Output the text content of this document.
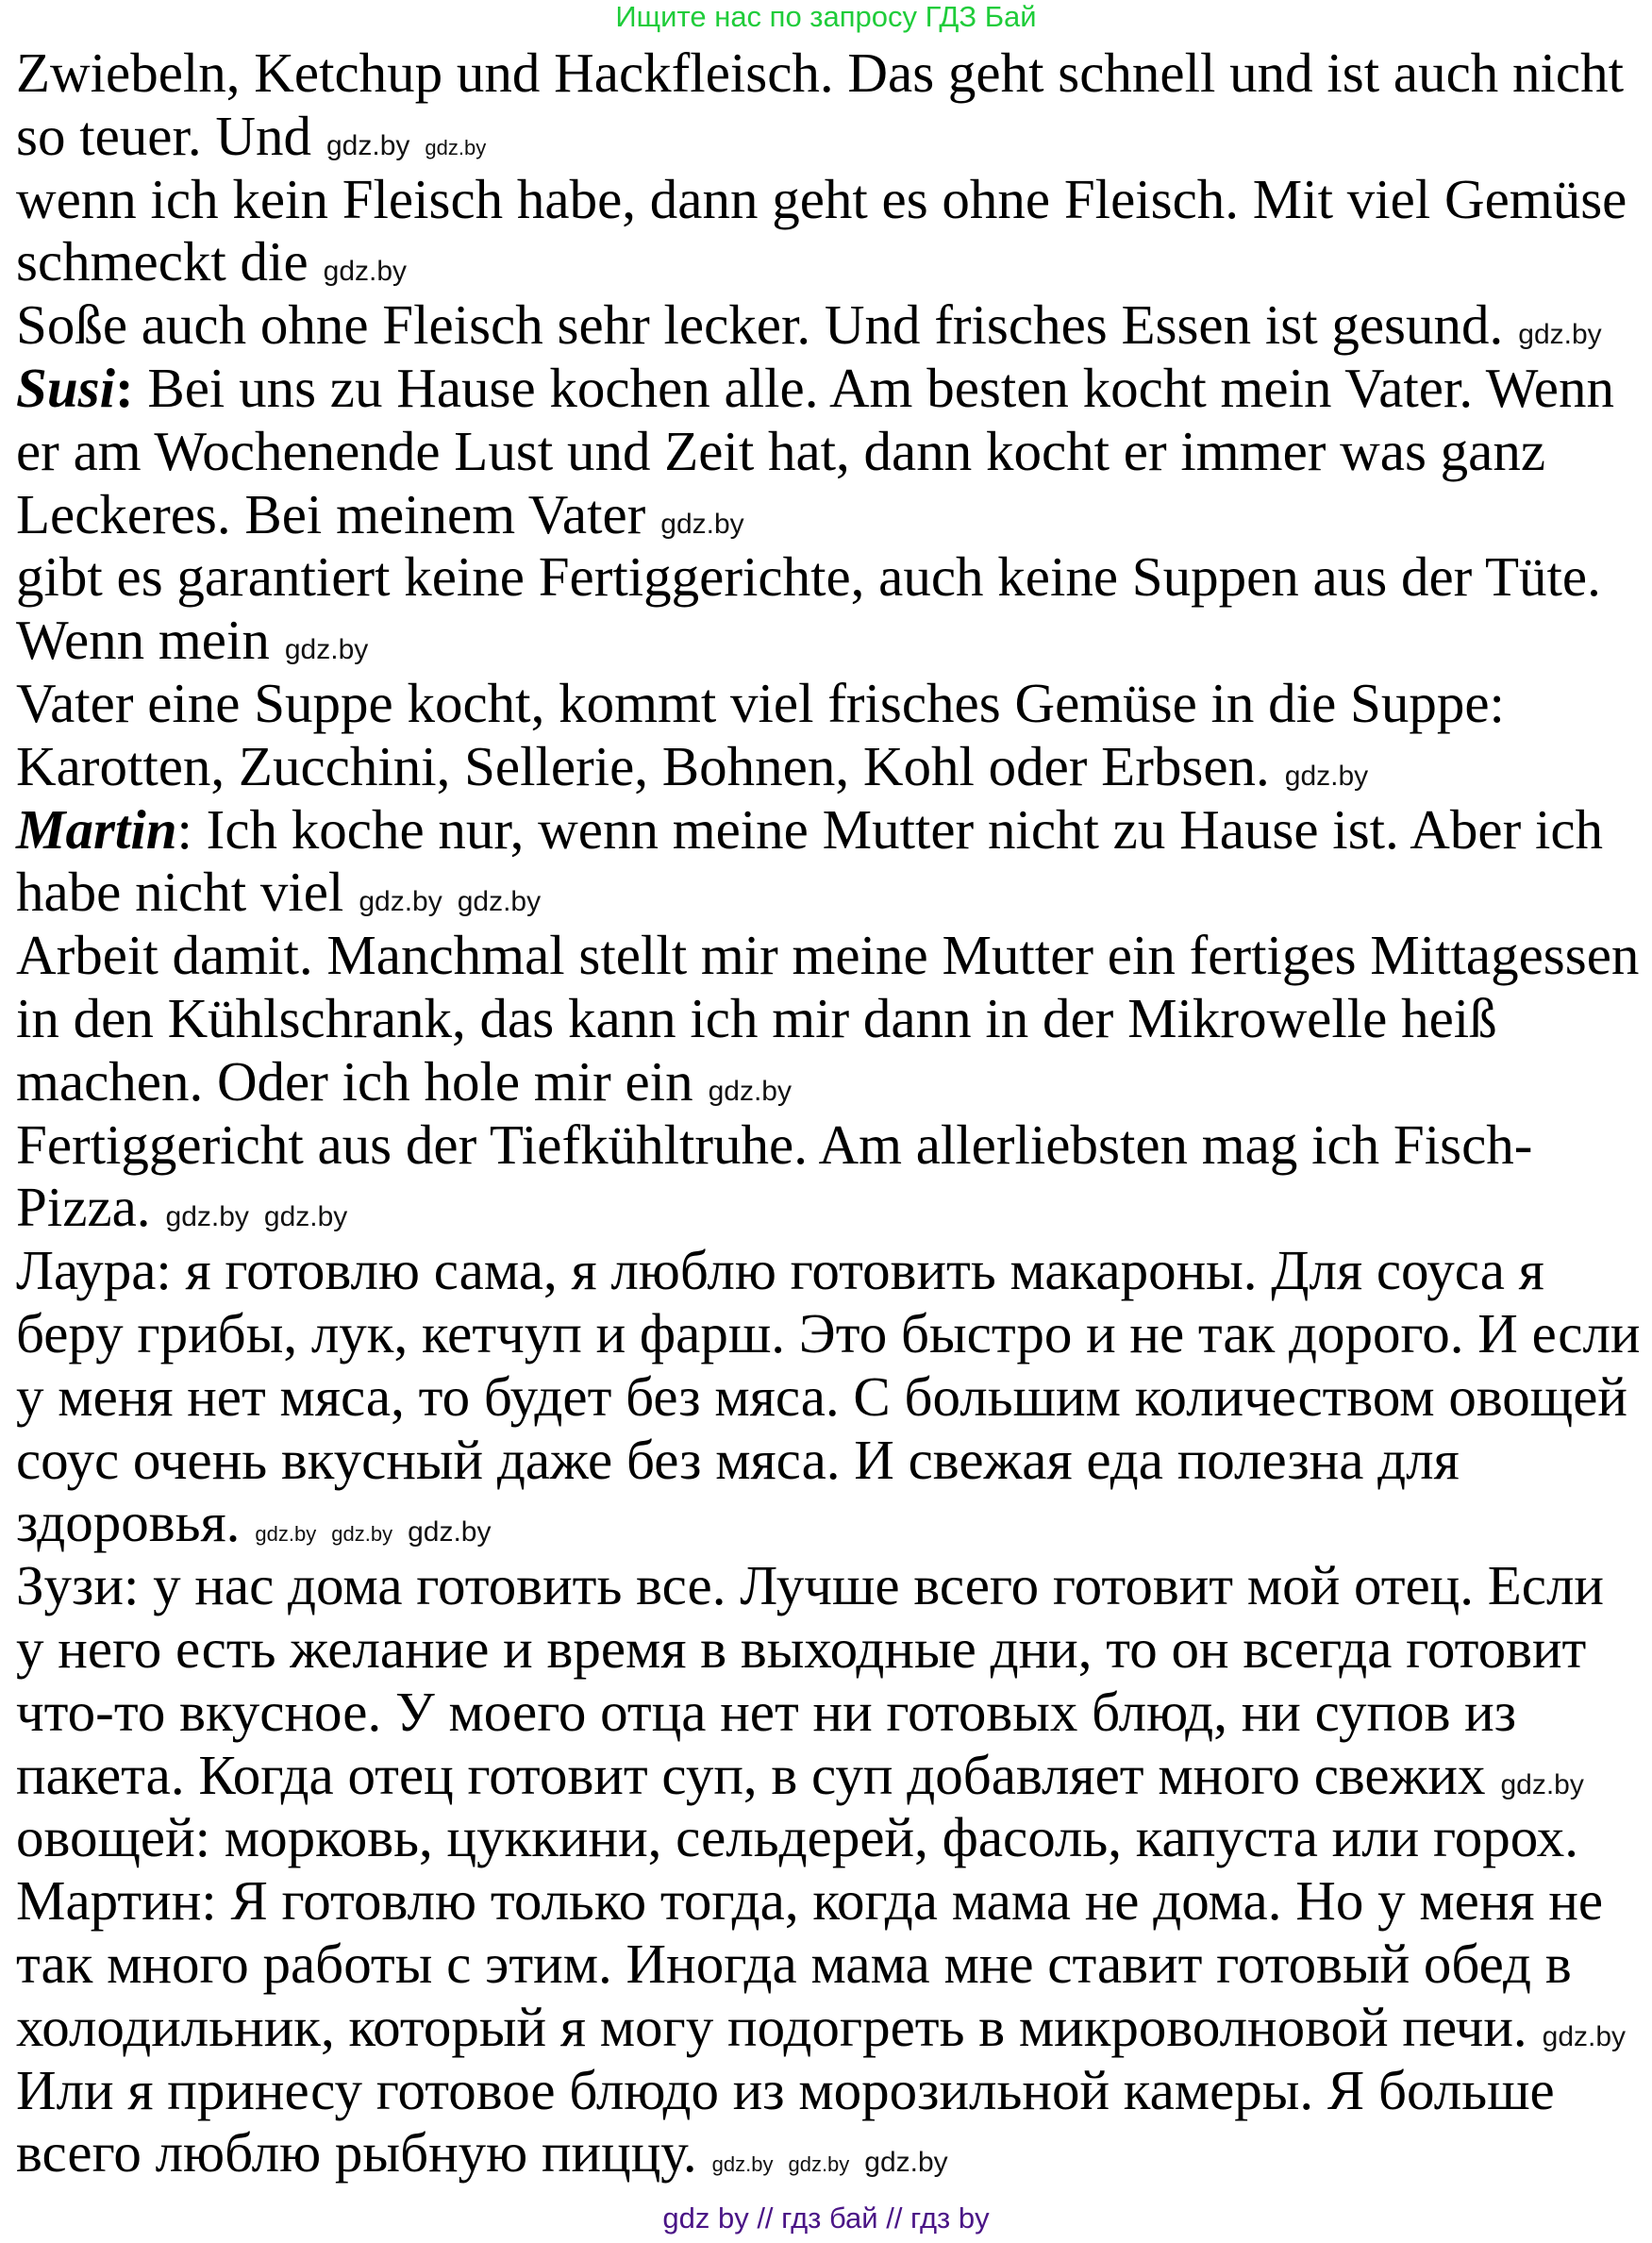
Ищите нас по запросу ГДЗ Бай
Zwiebeln, Ketchup und Hackfleisch. Das geht schnell und ist auch nicht
so teuer. Und gdz.by gdz.by
wenn ich kein Fleisch habe, dann geht es ohne Fleisch. Mit viel Gemüse
schmeckt die gdz.by
Soße auch ohne Fleisch sehr lecker. Und frisches Essen ist gesund. gdz.by
Susi: Bei uns zu Hause kochen alle. Am besten kocht mein Vater. Wenn
er am Wochenende Lust und Zeit hat, dann kocht er immer was ganz
Leckeres. Bei meinem Vater gdz.by
gibt es garantiert keine Fertiggerichte, auch keine Suppen aus der Tüte.
Wenn mein gdz.by
Vater eine Suppe kocht, kommt viel frisches Gemüse in die Suppe:
Karotten, Zucchini, Sellerie, Bohnen, Kohl oder Erbsen. gdz.by
Martin: Ich koche nur, wenn meine Mutter nicht zu Hause ist. Aber ich
habe nicht viel gdz.by gdz.by
Arbeit damit. Manchmal stellt mir meine Mutter ein fertiges Mittagessen
in den Kühlschrank, das kann ich mir dann in der Mikrowelle heiß
machen. Oder ich hole mir ein gdz.by
Fertiggericht aus der Tiefkühltruhe. Am allerliebsten mag ich Fisch-
Pizza. gdz.by gdz.by
Лаура: я готовлю сама, я люблю готовить макароны. Для соуса я
беру грибы, лук, кетчуп и фарш. Это быстро и не так дорого. И если
у меня нет мяса, то будет без мяса. С большим количеством овощей
соус очень вкусный даже без мяса. И свежая еда полезна для
здоровья. gdz.by gdz.by gdz.by
Зузи: у нас дома готовить все. Лучше всего готовит мой отец. Если
у него есть желание и время в выходные дни, то он всегда готовит
что-то вкусное. У моего отца нет ни готовых блюд, ни супов из
пакета. Когда отец готовит суп, в суп добавляет много свежих gdz.by
овощей: морковь, цуккини, сельдерей, фасоль, капуста или горох.
Мартин: Я готовлю только тогда, когда мама не дома. Но у меня не
так много работы с этим. Иногда мама мне ставит готовый обед в
холодильник, который я могу подогреть в микроволновой печи. gdz.by
Или я принесу готовое блюдо из морозильной камеры. Я больше
всего люблю рыбную пиццу. gdz.by gdz.by gdz.by
gdz by // гдз бай // гдз by
